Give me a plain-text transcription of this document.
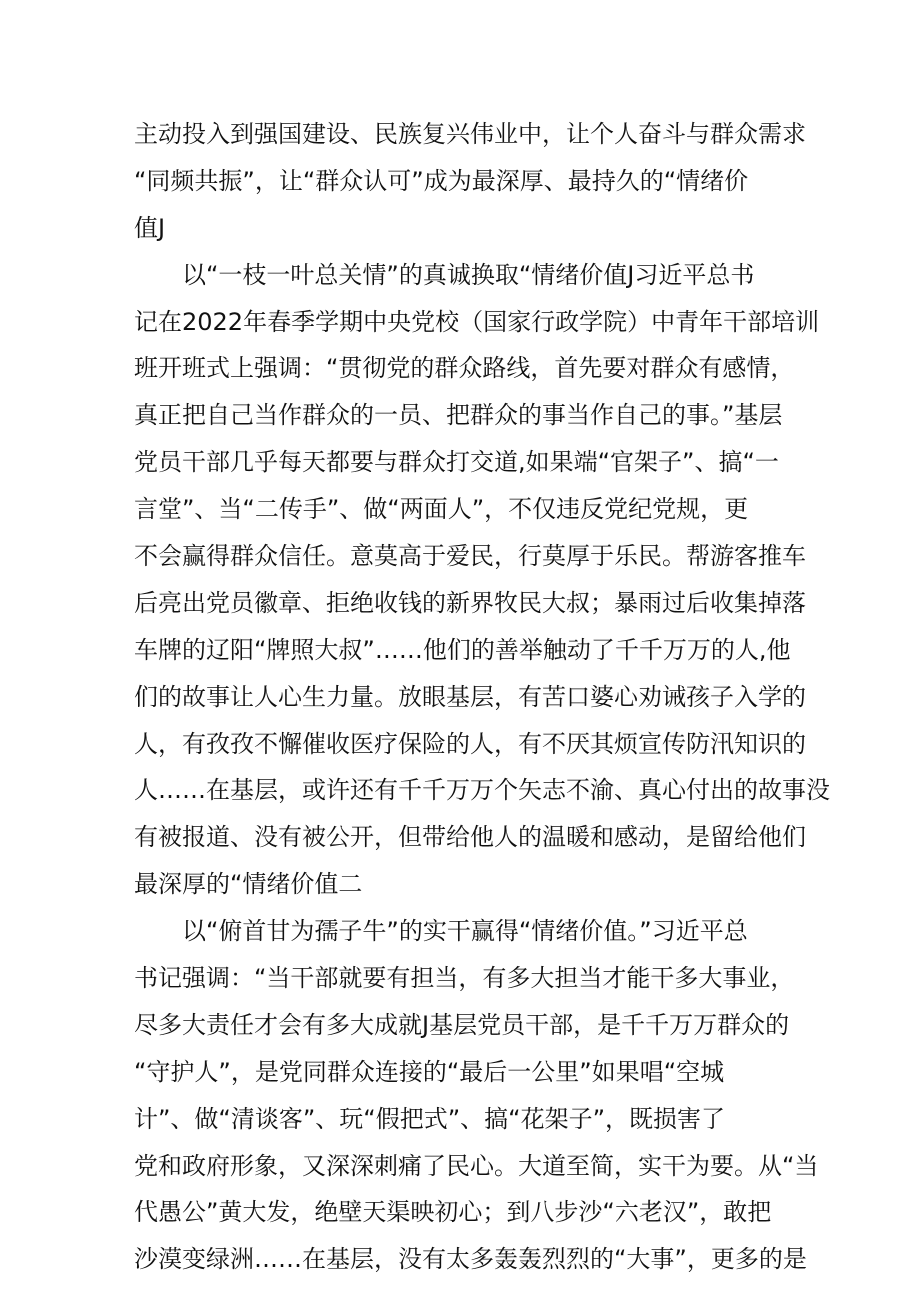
主动投入到强国建设、民族复兴伟业中，让个人奋斗与群众需求
“同频共振”，让“群众认可”成为最深厚、最持久的“情绪价
值J
以“一枝一叶总关情”的真诚换取“情绪价值J习近平总书
记在2022年春季学期中央党校（国家行政学院）中青年干部培训
班开班式上强调：“贯彻党的群众路线，首先要对群众有感情，
真正把自己当作群众的一员、把群众的事当作自己的事。”基层
党员干部几乎每天都要与群众打交道,如果端“官架子”、搞“一
言堂”、当“二传手”、做“两面人”，不仅违反党纪党规，更
不会赢得群众信任。意莫高于爱民，行莫厚于乐民。帮游客推车
后亮出党员徽章、拒绝收钱的新界牧民大叔；暴雨过后收集掉落
车牌的辽阳“牌照大叔”……他们的善举触动了千千万万的人,他
们的故事让人心生力量。放眼基层，有苦口婆心劝诫孩子入学的
人，有孜孜不懈催收医疗保险的人，有不厌其烦宣传防汛知识的
人……在基层，或许还有千千万万个矢志不渝、真心付出的故事没
有被报道、没有被公开，但带给他人的温暖和感动，是留给他们
最深厚的“情绪价值二
以“俯首甘为孺子牛”的实干赢得“情绪价值。”习近平总
书记强调：“当干部就要有担当，有多大担当才能干多大事业，
尽多大责任才会有多大成就J基层党员干部，是千千万万群众的
“守护人”，是党同群众连接的“最后一公里”如果唱“空城
计”、做“清谈客”、玩“假把式”、搞“花架子”，既损害了
党和政府形象，又深深刺痛了民心。大道至简，实干为要。从“当
代愚公”黄大发，绝壁天渠映初心；到八步沙“六老汉”，敢把
沙漠变绿洲……在基层，没有太多轰轰烈烈的“大事”，更多的是
